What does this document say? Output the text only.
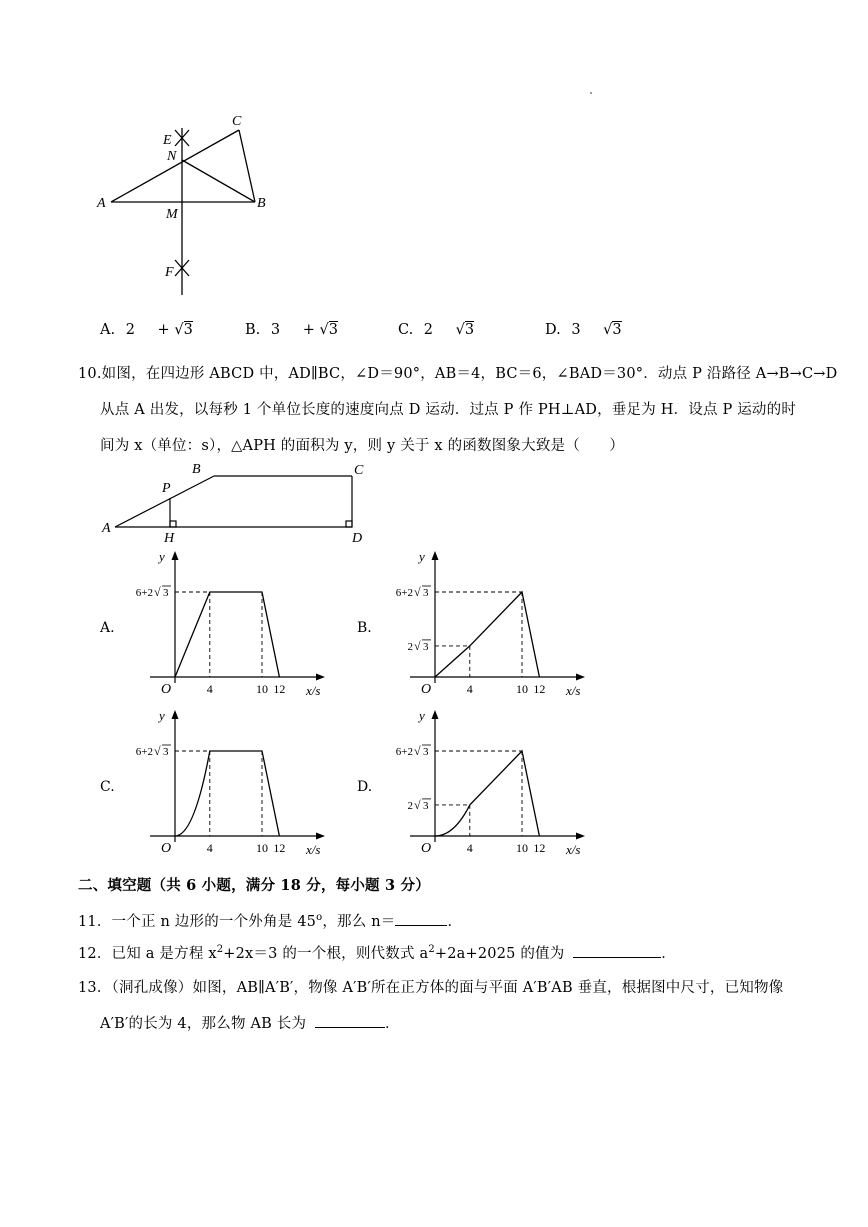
C
E
N
A
M
B
F
A. 2 + √3	B. 3 + √3	C. 2 √3	D. 3 √3
10.如图，在四边形 ABCD 中，AD∥BC，∠D＝90°，AB＝4，BC＝6，∠BAD＝30°．动点 P 沿路径 A→B→C→D
从点 A 出发，以每秒 1 个单位长度的速度向点 D 运动．过点 P 作 PH⊥AD，垂足为 H．设点 P 运动的时
间为 x（单位：s），△APH 的面积为 y，则 y 关于 x 的函数图象大致是（　　）
B	C
P
A
H	D
A.	B.
C.	D.
y
x/s
O	4	10 12
6+2 √ 3
y
x/s
O	4	10 12
6+2 √ 3
2 √ 3
y
x/s
O	4	10 12
6+2 √ 3
y
x/s
O	4	10 12
6+2 √ 3
2 √ 3
二、填空题（共 6 小题，满分 18 分，每小题 3 分）
11．一个正 n 边形的一个外角是 45$^o$，那么 n＝	．
12．已知 a 是方程 $x^2+2x=3$ 的一个根，则代数式 $a^2+2a+2025$ 的值为	．
13．（洞孔成像）如图，AB∥A′B′，物像 A′B′所在正方体的面与平面 A′B′AB 垂直，根据图中尺寸，已知物像
A′B′的长为 4，那么物 AB 长为	．
